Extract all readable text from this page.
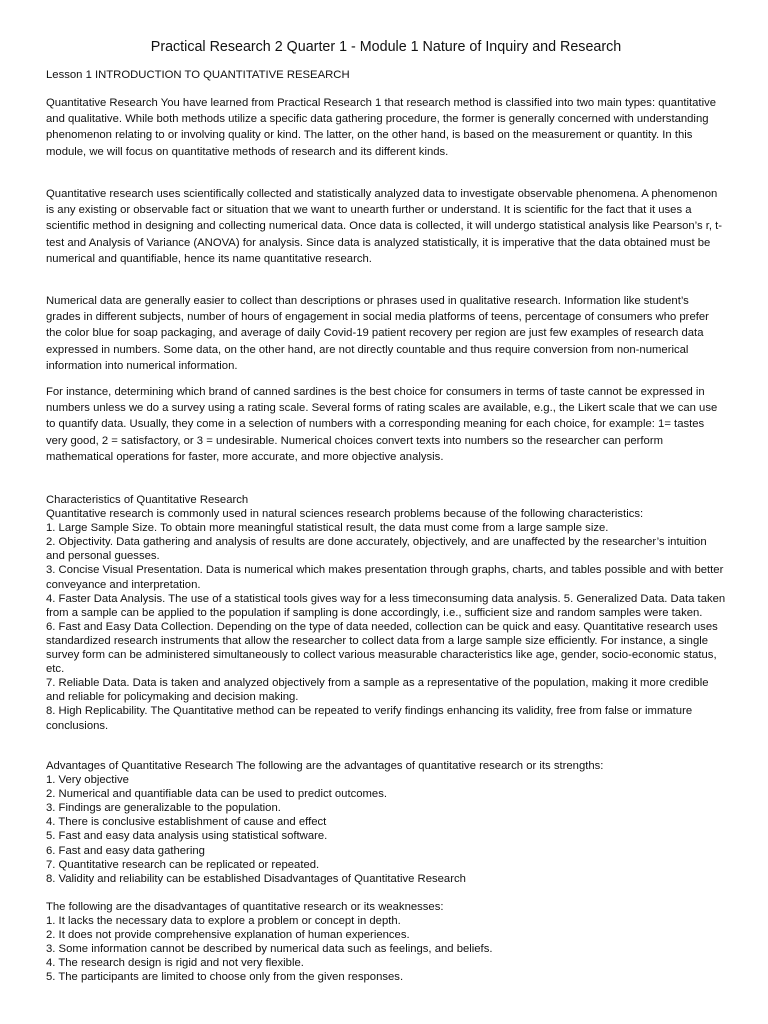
Practical Research 2 Quarter 1 - Module 1 Nature of Inquiry and Research
Lesson 1 INTRODUCTION TO QUANTITATIVE RESEARCH

Quantitative Research You have learned from Practical Research 1 that research method is classified into two main types: quantitative and qualitative. While both methods utilize a specific data gathering procedure, the former is generally concerned with understanding phenomenon relating to or involving quality or kind. The latter, on the other hand, is based on the measurement or quantity. In this module, we will focus on quantitative methods of research and its different kinds.

Quantitative research uses scientifically collected and statistically analyzed data to investigate observable phenomena. A phenomenon is any existing or observable fact or situation that we want to unearth further or understand. It is scientific for the fact that it uses a scientific method in designing and collecting numerical data. Once data is collected, it will undergo statistical analysis like Pearson’s r, t-test and Analysis of Variance (ANOVA) for analysis. Since data is analyzed statistically, it is imperative that the data obtained must be numerical and quantifiable, hence its name quantitative research.

Numerical data are generally easier to collect than descriptions or phrases used in qualitative research. Information like student’s grades in different subjects, number of hours of engagement in social media platforms of teens, percentage of consumers who prefer the color blue for soap packaging, and average of daily Covid-19 patient recovery per region are just few examples of research data expressed in numbers. Some data, on the other hand, are not directly countable and thus require conversion from non-numerical information into numerical information.

For instance, determining which brand of canned sardines is the best choice for consumers in terms of taste cannot be expressed in numbers unless we do a survey using a rating scale. Several forms of rating scales are available, e.g., the Likert scale that we can use to quantify data. Usually, they come in a selection of numbers with a corresponding meaning for each choice, for example: 1= tastes very good, 2 = satisfactory, or 3 = undesirable. Numerical choices convert texts into numbers so the researcher can perform mathematical operations for faster, more accurate, and more objective analysis.

Characteristics of Quantitative Research
Quantitative research is commonly used in natural sciences research problems because of the following characteristics:
1. Large Sample Size. To obtain more meaningful statistical result, the data must come from a large sample size.
2. Objectivity. Data gathering and analysis of results are done accurately, objectively, and are unaffected by the researcher’s intuition and personal guesses.
3. Concise Visual Presentation. Data is numerical which makes presentation through graphs, charts, and tables possible and with better conveyance and interpretation.
4. Faster Data Analysis. The use of a statistical tools gives way for a less timeconsuming data analysis. 5. Generalized Data. Data taken from a sample can be applied to the population if sampling is done accordingly, i.e., sufficient size and random samples were taken.
6. Fast and Easy Data Collection. Depending on the type of data needed, collection can be quick and easy. Quantitative research uses standardized research instruments that allow the researcher to collect data from a large sample size efficiently. For instance, a single survey form can be administered simultaneously to collect various measurable characteristics like age, gender, socio-economic status, etc.
7. Reliable Data. Data is taken and analyzed objectively from a sample as a representative of the population, making it more credible and reliable for policymaking and decision making.
8. High Replicability. The Quantitative method can be repeated to verify findings enhancing its validity, free from false or immature conclusions.
Advantages of Quantitative Research The following are the advantages of quantitative research or its strengths:
1. Very objective
2. Numerical and quantifiable data can be used to predict outcomes.
3. Findings are generalizable to the population.
4. There is conclusive establishment of cause and effect
5. Fast and easy data analysis using statistical software.
6. Fast and easy data gathering
7. Quantitative research can be replicated or repeated.
8. Validity and reliability can be established Disadvantages of Quantitative Research
The following are the disadvantages of quantitative research or its weaknesses:
1. It lacks the necessary data to explore a problem or concept in depth.
2. It does not provide comprehensive explanation of human experiences.
3. Some information cannot be described by numerical data such as feelings, and beliefs.
4. The research design is rigid and not very flexible.
5. The participants are limited to choose only from the given responses.
